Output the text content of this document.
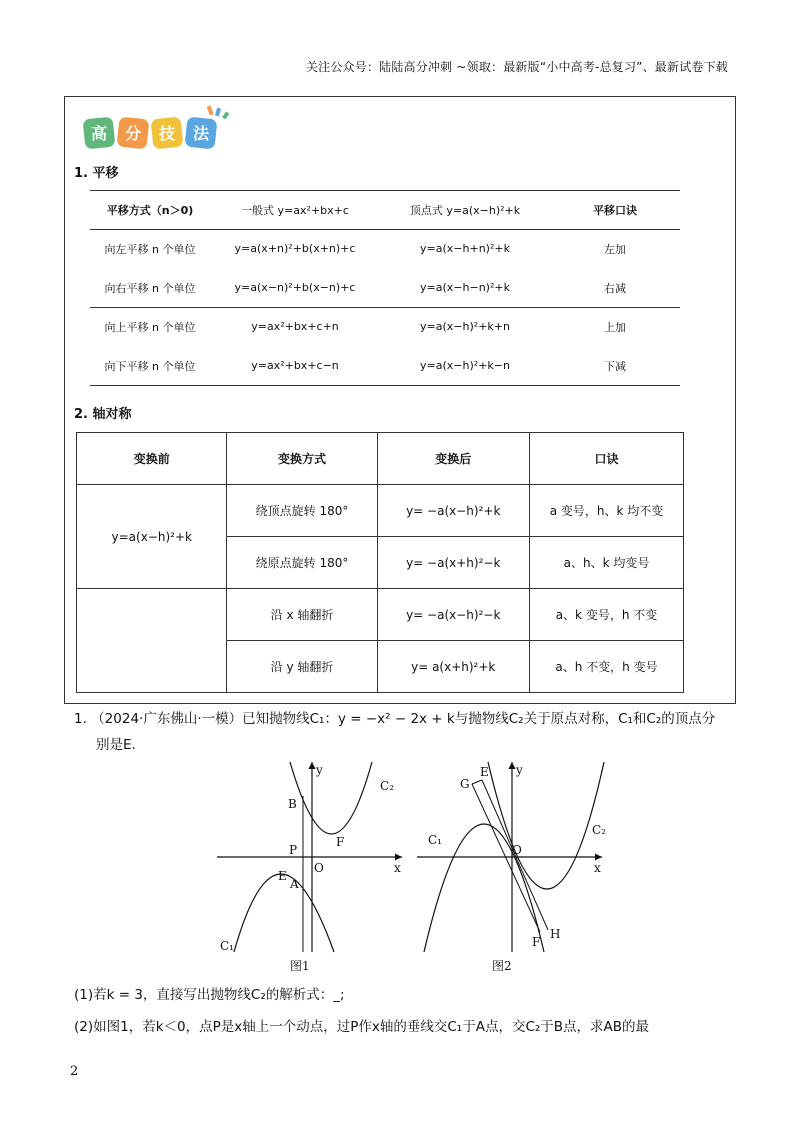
关注公众号：陆陆高分冲刺 ~领取：最新版“小中高考-总复习”、最新试卷下载
高 分 技 法
1. 平移
平移方式（n＞0)	一般式 y=ax²+bx+c	顶点式 y=a(x−h)²+k	平移口诀
向左平移 n 个单位	y=a(x+n)²+b(x+n)+c	y=a(x−h+n)²+k	左加
向右平移 n 个单位	y=a(x−n)²+b(x−n)+c	y=a(x−h−n)²+k	右减
向上平移 n 个单位	y=ax²+bx+c+n	y=a(x−h)²+k+n	上加
向下平移 n 个单位	y=ax²+bx+c−n	y=a(x−h)²+k−n	下减
2. 轴对称
变换前	变换方式	变换后	口诀
y=a(x−h)²+k	绕顶点旋转 180°	y= −a(x−h)²+k	a 变号，h、k 均不变
	绕原点旋转 180°	y= −a(x+h)²−k	a、h、k 均变号
	沿 x 轴翻折	y= −a(x−h)²−k	a、k 变号，h 不变
	沿 y 轴翻折	y= a(x+h)²+k	a、h 不变，h 变号
1. （2024·广东佛山·一模）已知抛物线C₁：y = −x² − 2x + k与抛物线C₂关于原点对称，C₁和C₂的顶点分
别是E.
y
x
O
B
P
E
A
F
C₁
C₂
图1
y
x
O
G
E
C₁
C₂
F
H
图2
(1)若k = 3，直接写出抛物线C₂的解析式：_;
(2)如图1，若k＜0，点P是x轴上一个动点，过P作x轴的垂线交C₁于A点，交C₂于B点，求AB的最
2
